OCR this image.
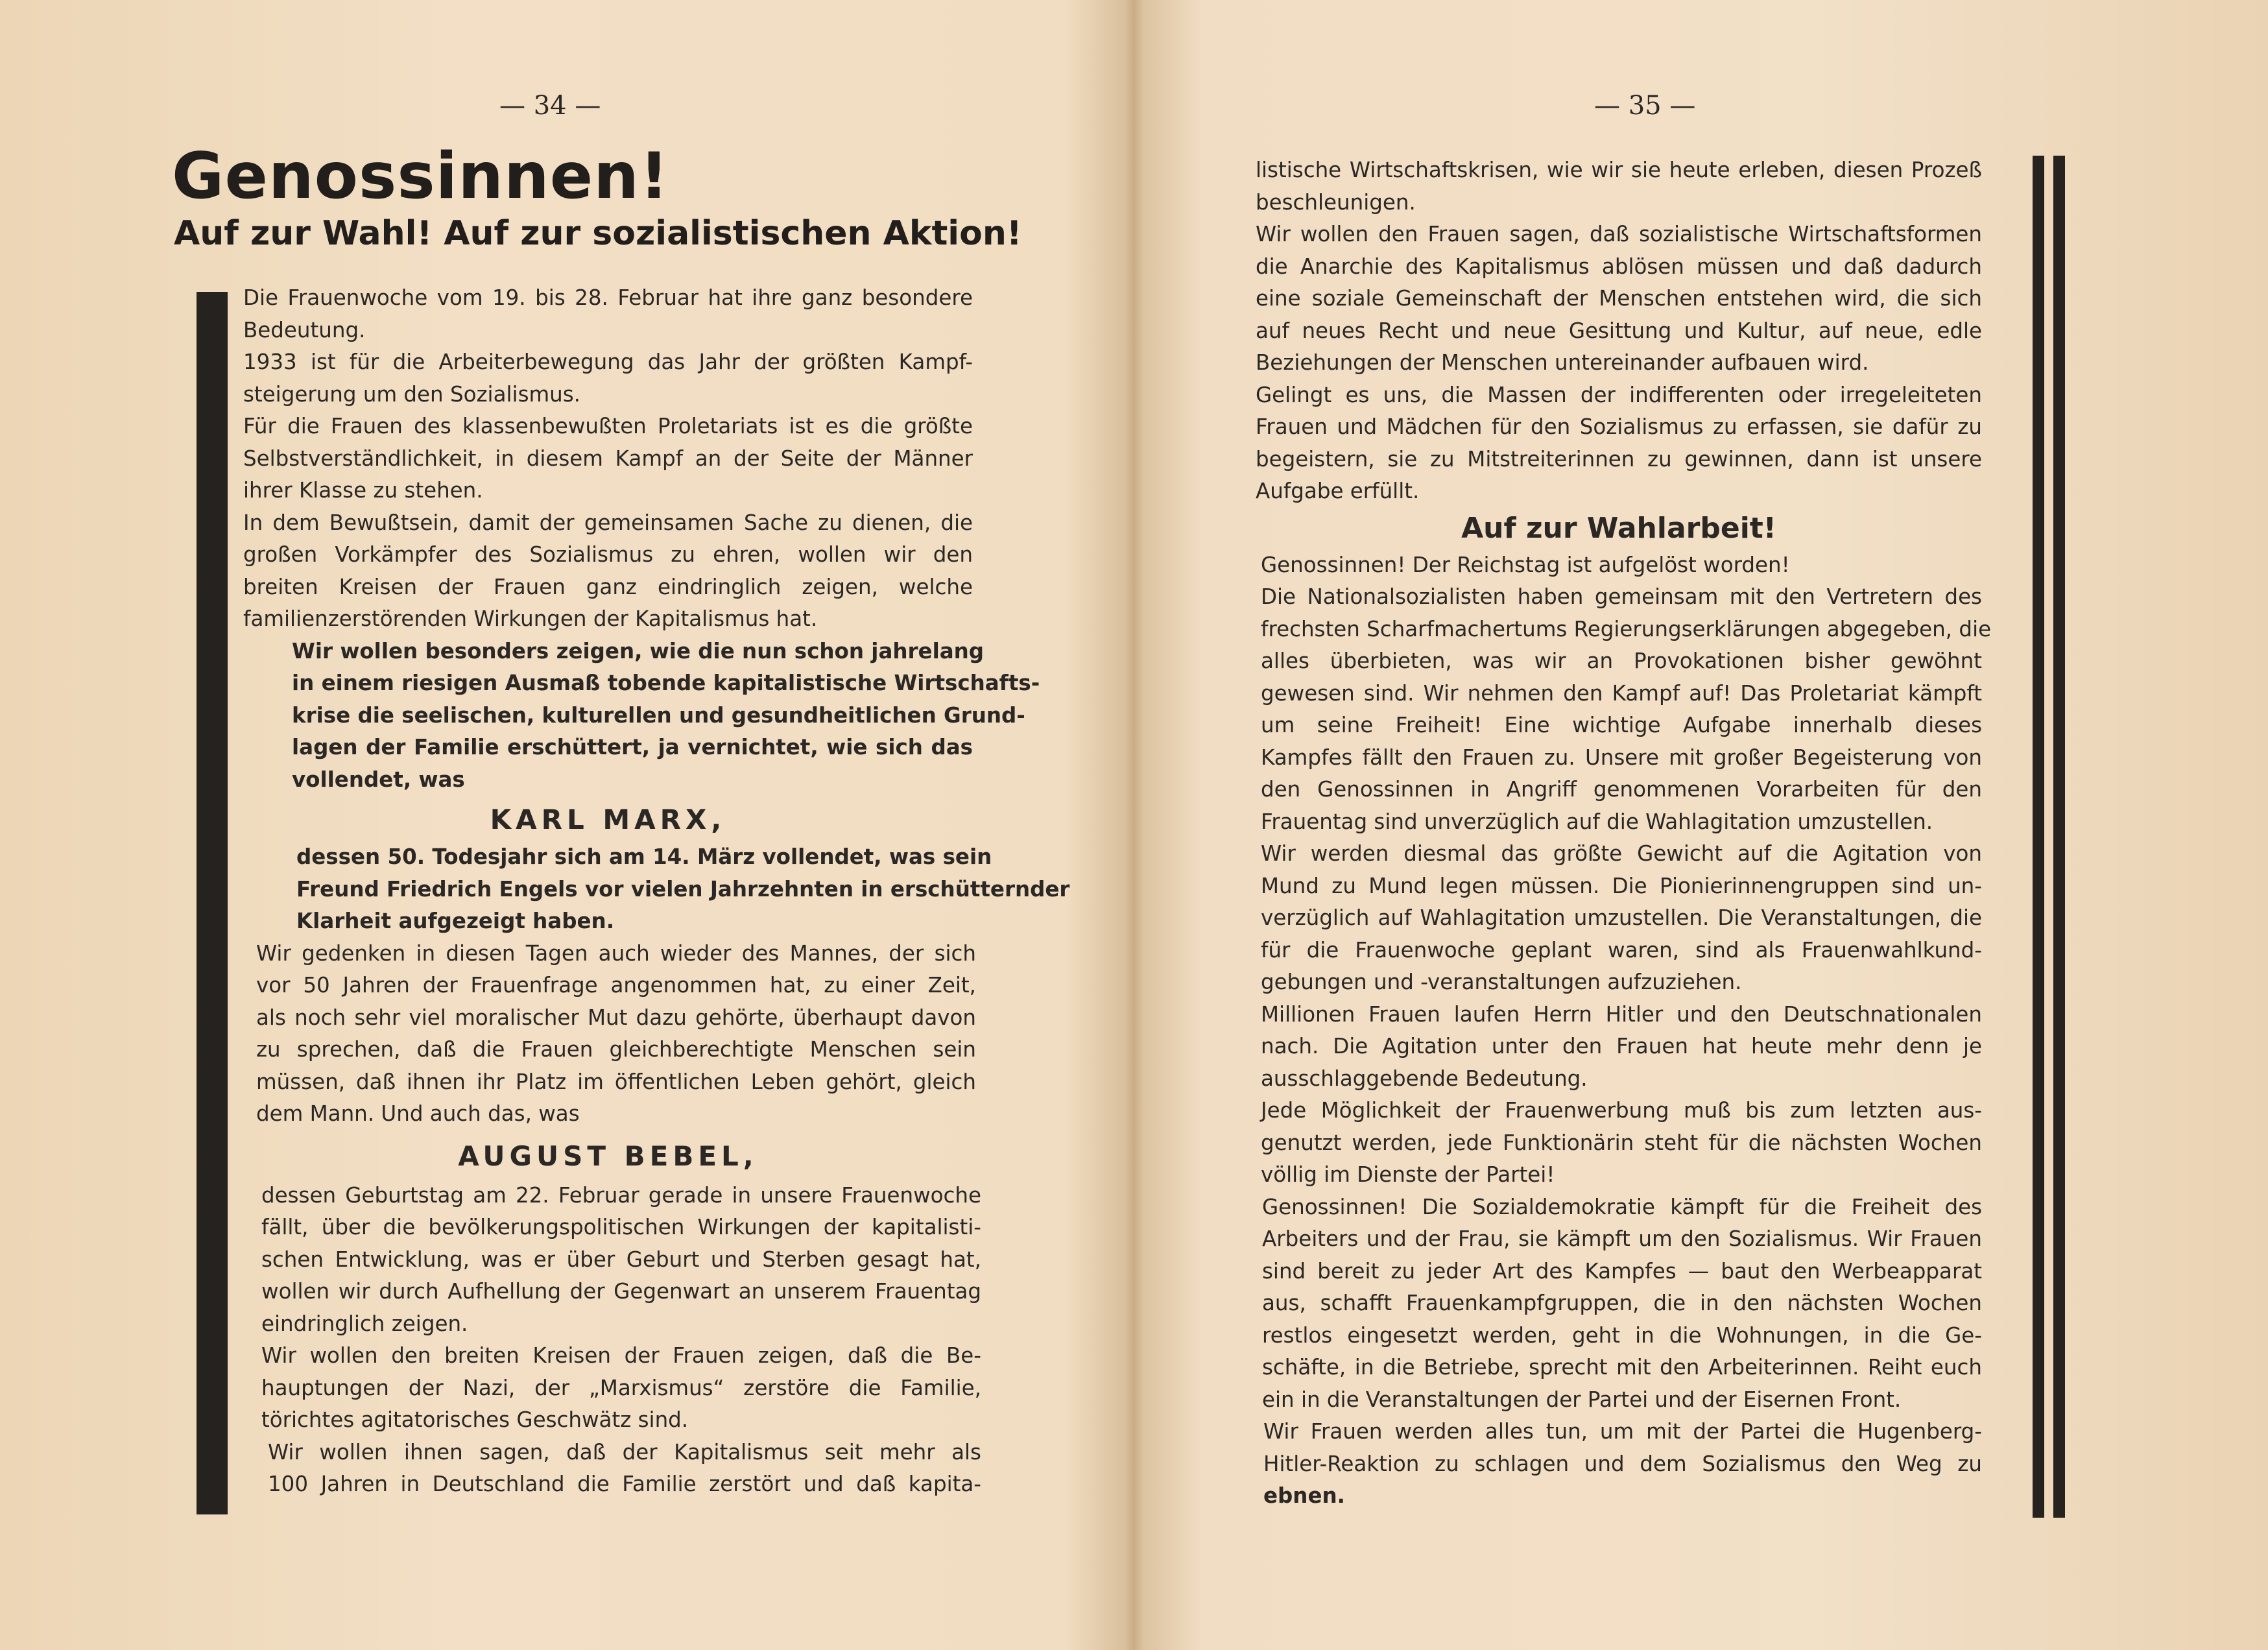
— 34 —
Genossinnen!
Auf zur Wahl! Auf zur sozialistischen Aktion!
Die Frauenwoche vom 19. bis 28. Februar hat ihre ganz besondere
Bedeutung.
1933 ist für die Arbeiterbewegung das Jahr der größten Kampf-
steigerung um den Sozialismus.
Für die Frauen des klassenbewußten Proletariats ist es die größte
Selbstverständlichkeit, in diesem Kampf an der Seite der Männer
ihrer Klasse zu stehen.
In dem Bewußtsein, damit der gemeinsamen Sache zu dienen, die
großen Vorkämpfer des Sozialismus zu ehren, wollen wir den
breiten Kreisen der Frauen ganz eindringlich zeigen, welche
familienzerstörenden Wirkungen der Kapitalismus hat.
Wir wollen besonders zeigen, wie die nun schon jahrelang
in einem riesigen Ausmaß tobende kapitalistische Wirtschafts-
krise die seelischen, kulturellen und gesundheitlichen Grund-
lagen der Familie erschüttert, ja vernichtet, wie sich das
vollendet, was
KARL MARX,
dessen 50. Todesjahr sich am 14. März vollendet, was sein
Freund Friedrich Engels vor vielen Jahrzehnten in erschütternder
Klarheit aufgezeigt haben.
Wir gedenken in diesen Tagen auch wieder des Mannes, der sich
vor 50 Jahren der Frauenfrage angenommen hat, zu einer Zeit,
als noch sehr viel moralischer Mut dazu gehörte, überhaupt davon
zu sprechen, daß die Frauen gleichberechtigte Menschen sein
müssen, daß ihnen ihr Platz im öffentlichen Leben gehört, gleich
dem Mann. Und auch das, was
AUGUST BEBEL,
dessen Geburtstag am 22. Februar gerade in unsere Frauenwoche
fällt, über die bevölkerungspolitischen Wirkungen der kapitalisti-
schen Entwicklung, was er über Geburt und Sterben gesagt hat,
wollen wir durch Aufhellung der Gegenwart an unserem Frauentag
eindringlich zeigen.
Wir wollen den breiten Kreisen der Frauen zeigen, daß die Be-
hauptungen der Nazi, der „Marxismus“ zerstöre die Familie,
törichtes agitatorisches Geschwätz sind.
Wir wollen ihnen sagen, daß der Kapitalismus seit mehr als
100 Jahren in Deutschland die Familie zerstört und daß kapita-
— 35 —
listische Wirtschaftskrisen, wie wir sie heute erleben, diesen Prozeß
beschleunigen.
Wir wollen den Frauen sagen, daß sozialistische Wirtschaftsformen
die Anarchie des Kapitalismus ablösen müssen und daß dadurch
eine soziale Gemeinschaft der Menschen entstehen wird, die sich
auf neues Recht und neue Gesittung und Kultur, auf neue, edle
Beziehungen der Menschen untereinander aufbauen wird.
Gelingt es uns, die Massen der indifferenten oder irregeleiteten
Frauen und Mädchen für den Sozialismus zu erfassen, sie dafür zu
begeistern, sie zu Mitstreiterinnen zu gewinnen, dann ist unsere
Aufgabe erfüllt.
Auf zur Wahlarbeit!
Genossinnen! Der Reichstag ist aufgelöst worden!
Die Nationalsozialisten haben gemeinsam mit den Vertretern des
frechsten Scharfmachertums Regierungserklärungen abgegeben, die
alles überbieten, was wir an Provokationen bisher gewöhnt
gewesen sind. Wir nehmen den Kampf auf! Das Proletariat kämpft
um seine Freiheit! Eine wichtige Aufgabe innerhalb dieses
Kampfes fällt den Frauen zu. Unsere mit großer Begeisterung von
den Genossinnen in Angriff genommenen Vorarbeiten für den
Frauentag sind unverzüglich auf die Wahlagitation umzustellen.
Wir werden diesmal das größte Gewicht auf die Agitation von
Mund zu Mund legen müssen. Die Pionierinnengruppen sind un-
verzüglich auf Wahlagitation umzustellen. Die Veranstaltungen, die
für die Frauenwoche geplant waren, sind als Frauenwahlkund-
gebungen und -veranstaltungen aufzuziehen.
Millionen Frauen laufen Herrn Hitler und den Deutschnationalen
nach. Die Agitation unter den Frauen hat heute mehr denn je
ausschlaggebende Bedeutung.
Jede Möglichkeit der Frauenwerbung muß bis zum letzten aus-
genutzt werden, jede Funktionärin steht für die nächsten Wochen
völlig im Dienste der Partei!
Genossinnen! Die Sozialdemokratie kämpft für die Freiheit des
Arbeiters und der Frau, sie kämpft um den Sozialismus. Wir Frauen
sind bereit zu jeder Art des Kampfes — baut den Werbeapparat
aus, schafft Frauenkampfgruppen, die in den nächsten Wochen
restlos eingesetzt werden, geht in die Wohnungen, in die Ge-
schäfte, in die Betriebe, sprecht mit den Arbeiterinnen. Reiht euch
ein in die Veranstaltungen der Partei und der Eisernen Front.
Wir Frauen werden alles tun, um mit der Partei die Hugenberg-
Hitler-Reaktion zu schlagen und dem Sozialismus den Weg zu
ebnen.
